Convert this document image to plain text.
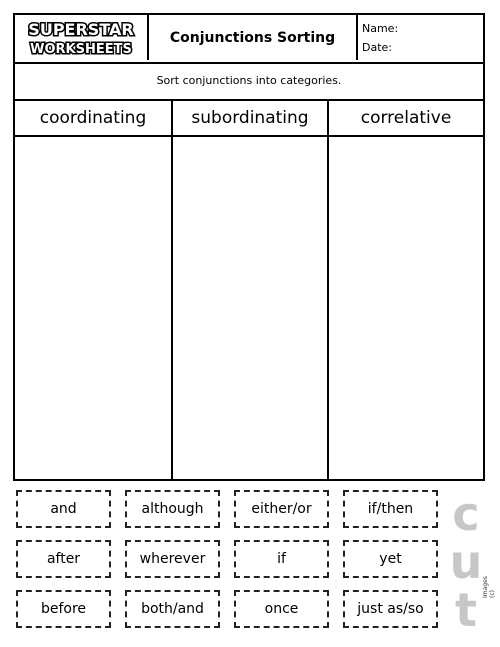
SUPERSTAR
WORKSHEETS
Conjunctions Sorting
Name:
Date:
Sort conjunctions into categories.
coordinating	subordinating	correlative
and	although	either/or	if/then
after	wherever	if	yet
before	both/and	once	just as/so
c
u
t Images (c)
